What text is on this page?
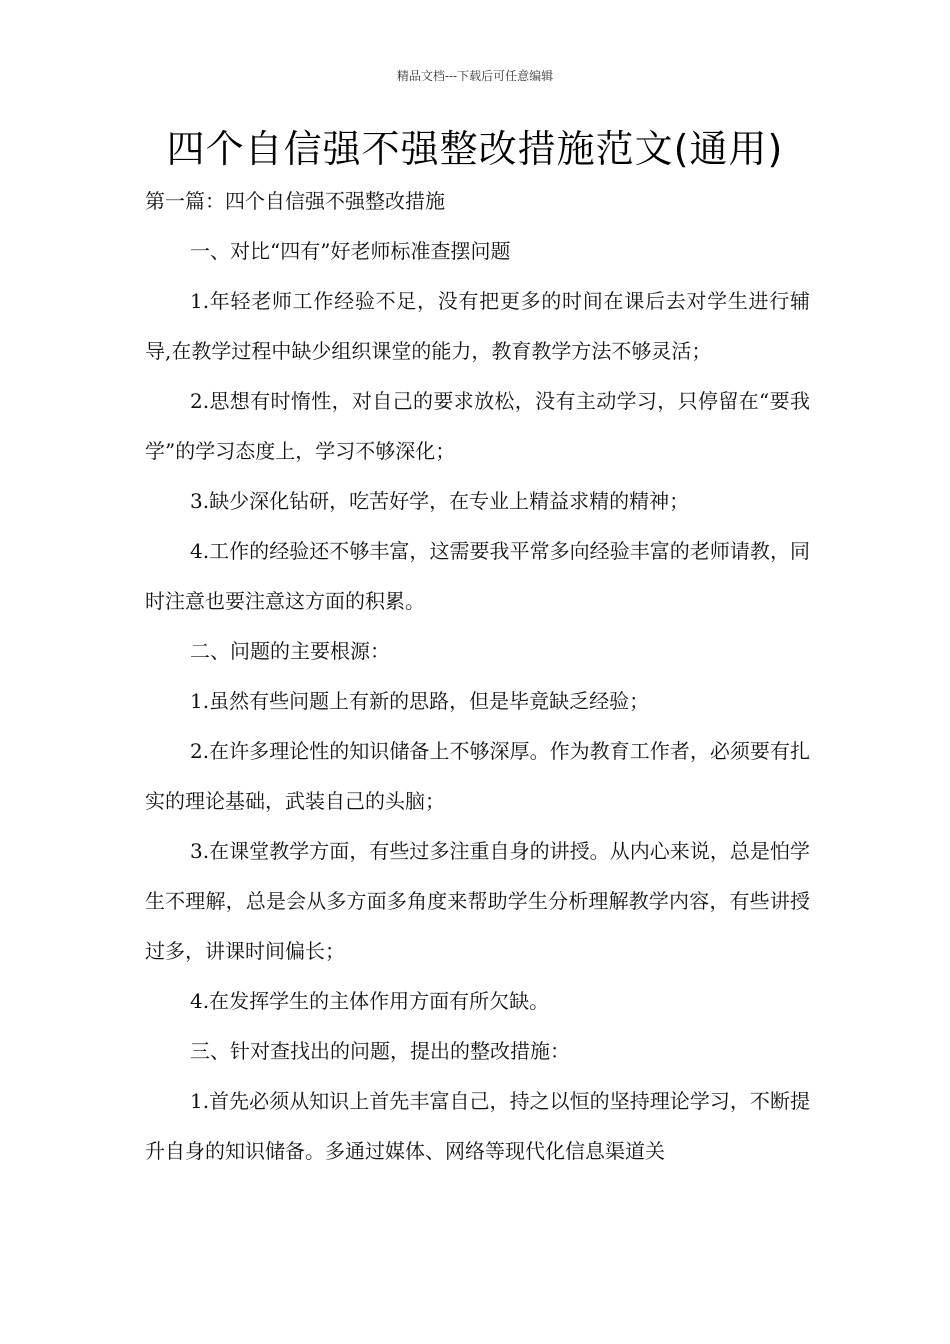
精品文档---下载后可任意编辑
四个自信强不强整改措施范文(通用)

第一篇：四个自信强不强整改措施

一、对比“四有”好老师标准查摆问题

1.年轻老师工作经验不足，没有把更多的时间在课后去对学生进行辅导,在教学过程中缺少组织课堂的能力，教育教学方法不够灵活；

2.思想有时惰性，对自己的要求放松，没有主动学习，只停留在“要我学”的学习态度上，学习不够深化；

3.缺少深化钻研，吃苦好学，在专业上精益求精的精神；

4.工作的经验还不够丰富，这需要我平常多向经验丰富的老师请教，同时注意也要注意这方面的积累。

二、问题的主要根源：

1.虽然有些问题上有新的思路，但是毕竟缺乏经验；

2.在许多理论性的知识储备上不够深厚。作为教育工作者，必须要有扎实的理论基础，武装自己的头脑；

3.在课堂教学方面，有些过多注重自身的讲授。从内心来说，总是怕学生不理解，总是会从多方面多角度来帮助学生分析理解教学内容，有些讲授过多，讲课时间偏长；

4.在发挥学生的主体作用方面有所欠缺。

三、针对查找出的问题，提出的整改措施：

1.首先必须从知识上首先丰富自己，持之以恒的坚持理论学习，不断提升自身的知识储备。多通过媒体、网络等现代化信息渠道关
